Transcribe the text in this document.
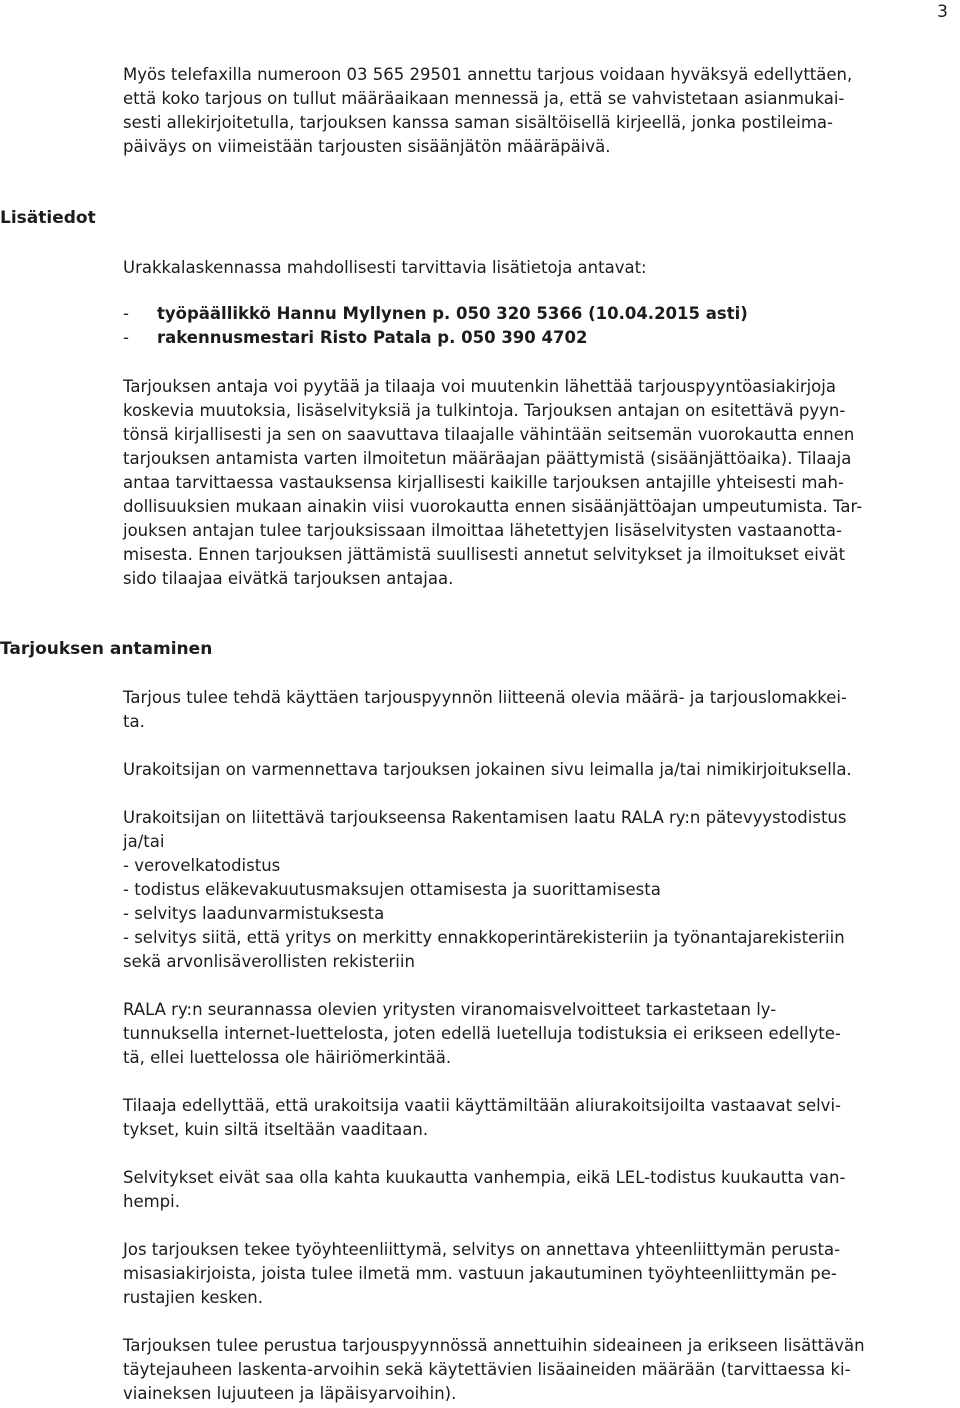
3
Myös telefaxilla numeroon 03 565 29501 annettu tarjous voidaan hyväksyä edellyttäen,
että koko tarjous on tullut määräaikaan mennessä ja, että se vahvistetaan asianmukai-
sesti allekirjoitetulla, tarjouksen kanssa saman sisältöisellä kirjeellä, jonka postileima-
päiväys on viimeistään tarjousten sisäänjätön määräpäivä.
Lisätiedot
Urakkalaskennassa mahdollisesti tarvittavia lisätietoja antavat:
- työpäällikkö Hannu Myllynen p. 050 320 5366 (10.04.2015 asti)
- rakennusmestari Risto Patala p. 050 390 4702
Tarjouksen antaja voi pyytää ja tilaaja voi muutenkin lähettää tarjouspyyntöasiakirjoja
koskevia muutoksia, lisäselvityksiä ja tulkintoja. Tarjouksen antajan on esitettävä pyyn-
tönsä kirjallisesti ja sen on saavuttava tilaajalle vähintään seitsemän vuorokautta ennen
tarjouksen antamista varten ilmoitetun määräajan päättymistä (sisäänjättöaika). Tilaaja
antaa tarvittaessa vastauksensa kirjallisesti kaikille tarjouksen antajille yhteisesti mah-
dollisuuksien mukaan ainakin viisi vuorokautta ennen sisäänjättöajan umpeutumista. Tar-
jouksen antajan tulee tarjouksissaan ilmoittaa lähetettyjen lisäselvitysten vastaanotta-
misesta. Ennen tarjouksen jättämistä suullisesti annetut selvitykset ja ilmoitukset eivät
sido tilaajaa eivätkä tarjouksen antajaa.
Tarjouksen antaminen
Tarjous tulee tehdä käyttäen tarjouspyynnön liitteenä olevia määrä- ja tarjouslomakkei-
ta.
Urakoitsijan on varmennettava tarjouksen jokainen sivu leimalla ja/tai nimikirjoituksella.
Urakoitsijan on liitettävä tarjoukseensa Rakentamisen laatu RALA ry:n pätevyystodistus
ja/tai
- verovelkatodistus
- todistus eläkevakuutusmaksujen ottamisesta ja suorittamisesta
- selvitys laadunvarmistuksesta
- selvitys siitä, että yritys on merkitty ennakkoperintärekisteriin ja työnantajarekisteriin
sekä arvonlisäverollisten rekisteriin
RALA ry:n seurannassa olevien yritysten viranomaisvelvoitteet tarkastetaan ly-
tunnuksella internet-luettelosta, joten edellä luetelluja todistuksia ei erikseen edellyte-
tä, ellei luettelossa ole häiriömerkintää.
Tilaaja edellyttää, että urakoitsija vaatii käyttämiltään aliurakoitsijoilta vastaavat selvi-
tykset, kuin siltä itseltään vaaditaan.
Selvitykset eivät saa olla kahta kuukautta vanhempia, eikä LEL-todistus kuukautta van-
hempi.
Jos tarjouksen tekee työyhteenliittymä, selvitys on annettava yhteenliittymän perusta-
misasiakirjoista, joista tulee ilmetä mm. vastuun jakautuminen työyhteenliittymän pe-
rustajien kesken.
Tarjouksen tulee perustua tarjouspyynnössä annettuihin sideaineen ja erikseen lisättävän
täytejauheen laskenta-arvoihin sekä käytettävien lisäaineiden määrään (tarvittaessa ki-
viaineksen lujuuteen ja läpäisyarvoihin).
